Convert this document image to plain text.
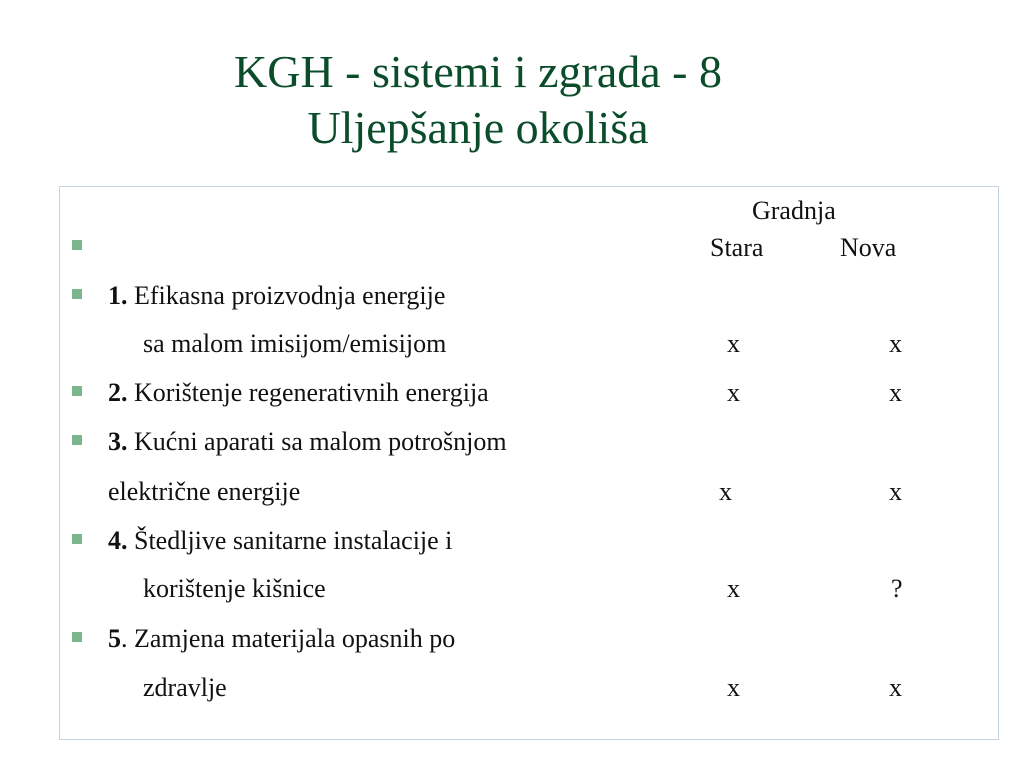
KGH - sistemi i zgrada - 8
Uljepšanje okoliša
Gradnja
Stara	Nova
1. Efikasna proizvodnja energije
sa malom imisijom/emisijom	x	x
2. Korištenje regenerativnih energija	x	x
3. Kućni aparati sa malom potrošnjom
električne energije	x	x
4. Štedljive sanitarne instalacije i
korištenje kišnice	x	?
5. Zamjena materijala opasnih po
zdravlje	x	x
